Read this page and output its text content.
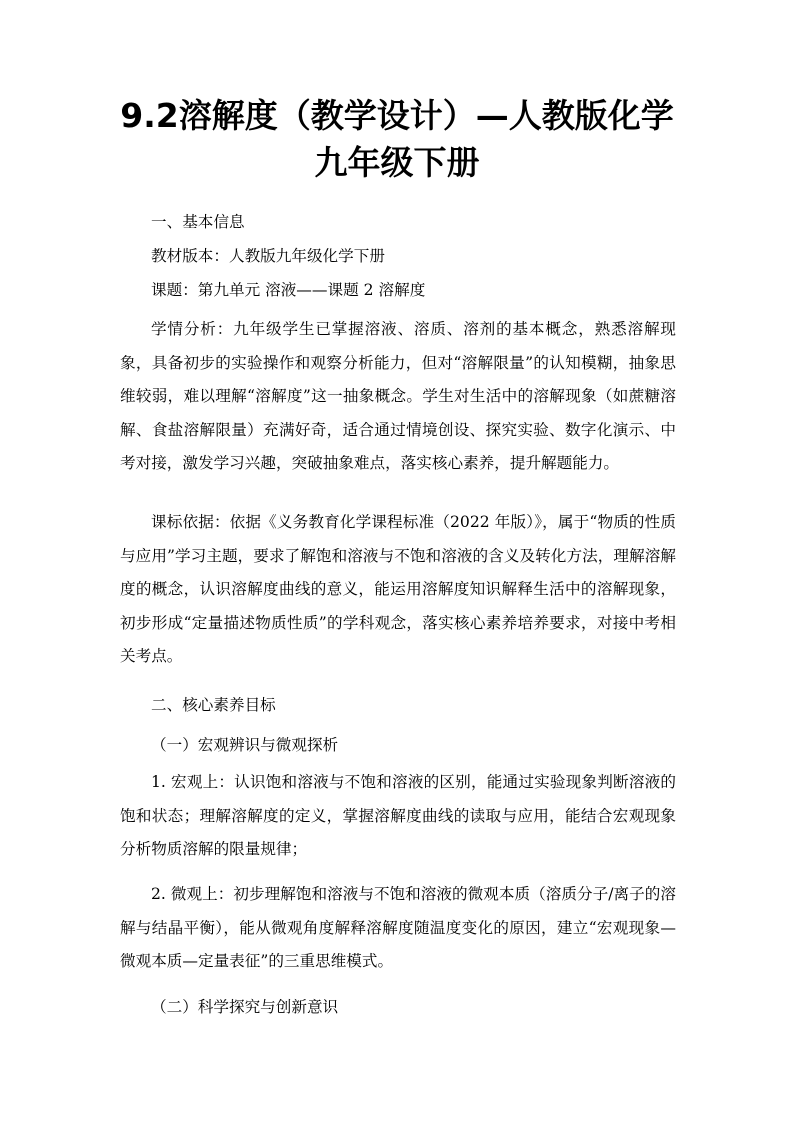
9.2溶解度（教学设计）—人教版化学
九年级下册

一、基本信息

教材版本：人教版九年级化学下册

课题：第九单元 溶液——课题 2 溶解度

学情分析：九年级学生已掌握溶液、溶质、溶剂的基本概念，熟悉溶解现象，具备初步的实验操作和观察分析能力，但对“溶解限量”的认知模糊，抽象思维较弱，难以理解“溶解度”这一抽象概念。学生对生活中的溶解现象（如蔗糖溶解、食盐溶解限量）充满好奇，适合通过情境创设、探究实验、数字化演示、中考对接，激发学习兴趣，突破抽象难点，落实核心素养，提升解题能力。

课标依据：依据《义务教育化学课程标准（2022 年版）》，属于“物质的性质与应用”学习主题，要求了解饱和溶液与不饱和溶液的含义及转化方法，理解溶解度的概念，认识溶解度曲线的意义，能运用溶解度知识解释生活中的溶解现象，初步形成“定量描述物质性质”的学科观念，落实核心素养培养要求，对接中考相关考点。

二、核心素养目标

（一）宏观辨识与微观探析

1. 宏观上：认识饱和溶液与不饱和溶液的区别，能通过实验现象判断溶液的饱和状态；理解溶解度的定义，掌握溶解度曲线的读取与应用，能结合宏观现象分析物质溶解的限量规律；

2. 微观上：初步理解饱和溶液与不饱和溶液的微观本质（溶质分子/离子的溶解与结晶平衡），能从微观角度解释溶解度随温度变化的原因，建立“宏观现象—微观本质—定量表征”的三重思维模式。

（二）科学探究与创新意识
